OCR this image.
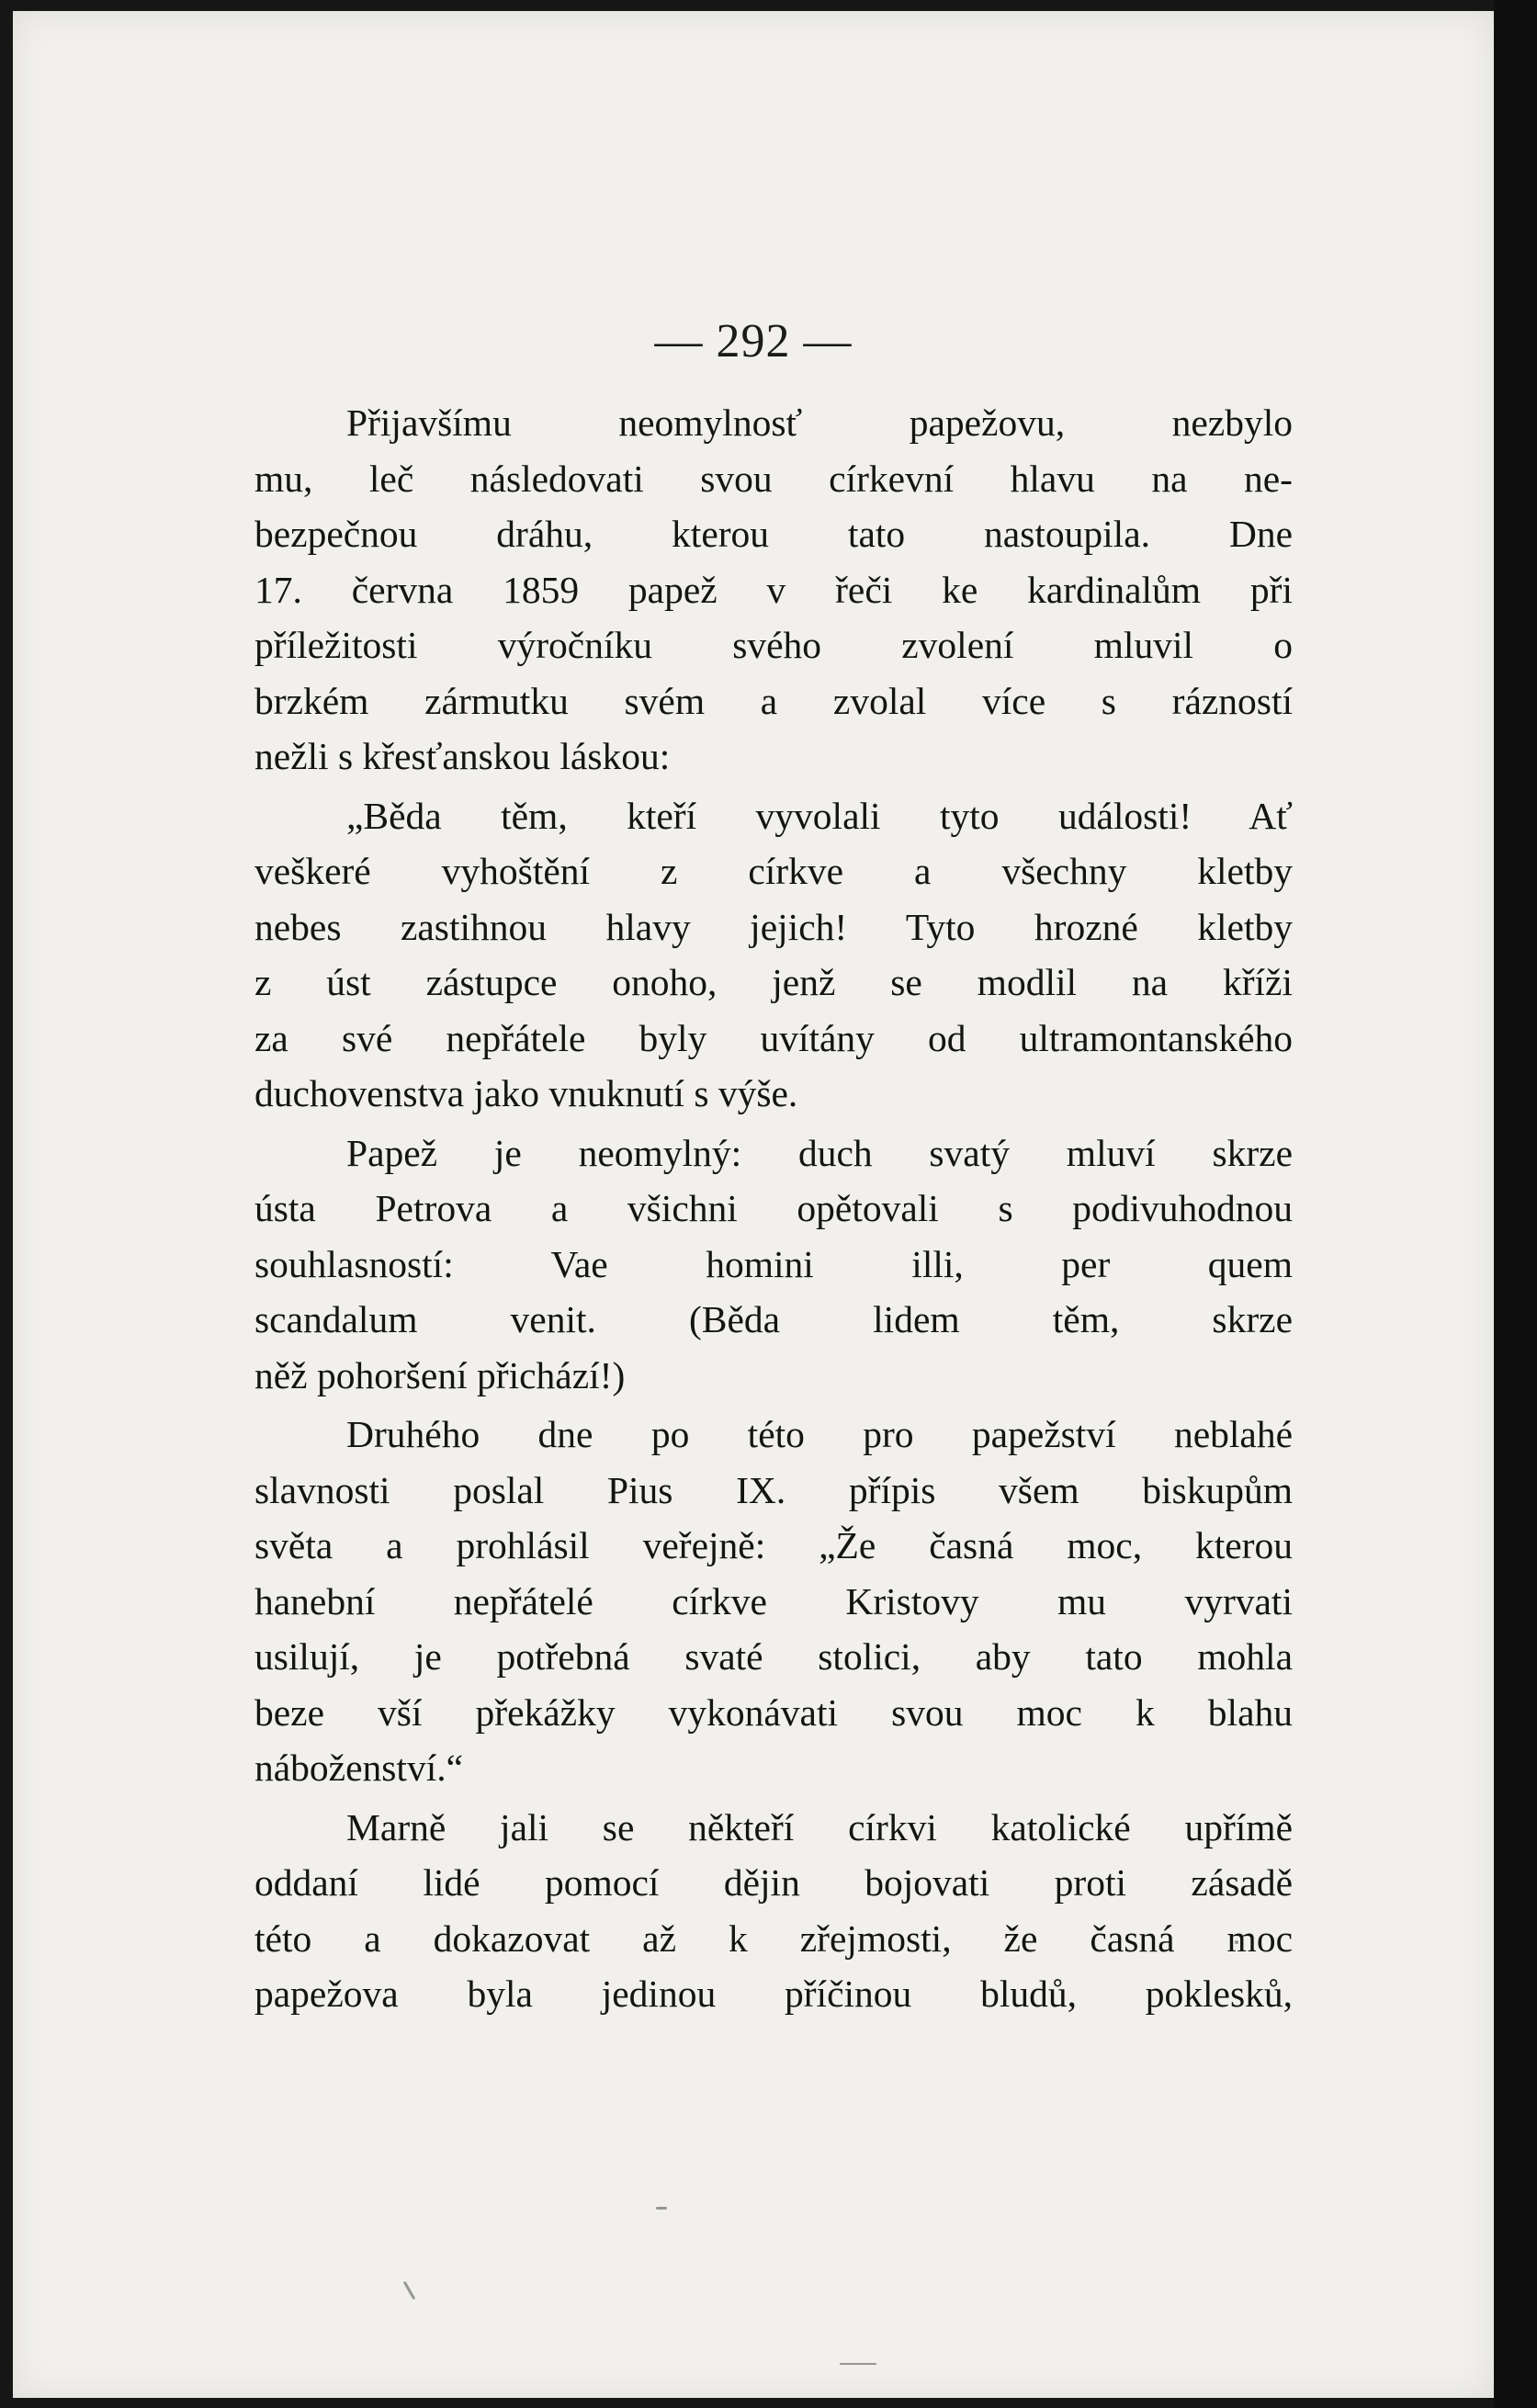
— 292 —
Přijavšímu neomylnosť papežovu, nezbylo
mu, leč následovati svou církevní hlavu na ne-
bezpečnou dráhu, kterou tato nastoupila. Dne
17. června 1859 papež v řeči ke kardinalům při
příležitosti výročníku svého zvolení mluvil o
brzkém zármutku svém a zvolal více s rázností
nežli s křesťanskou láskou:
„Běda těm, kteří vyvolali tyto události! Ať
veškeré vyhoštění z církve a všechny kletby
nebes zastihnou hlavy jejich! Tyto hrozné kletby
z úst zástupce onoho, jenž se modlil na kříži
za své nepřátele byly uvítány od ultramontanského
duchovenstva jako vnuknutí s výše.
Papež je neomylný: duch svatý mluví skrze
ústa Petrova a všichni opětovali s podivuhodnou
souhlasností: Vae homini illi, per quem
scandalum venit. (Běda lidem těm, skrze
něž pohoršení přichází!)
Druhého dne po této pro papežství neblahé
slavnosti poslal Pius IX. přípis všem biskupům
světa a prohlásil veřejně: „Že časná moc, kterou
hanební nepřátelé církve Kristovy mu vyrvati
usilují, je potřebná svaté stolici, aby tato mohla
beze vší překážky vykonávati svou moc k blahu
náboženství.“
Marně jali se někteří církvi katolické upřímě
oddaní lidé pomocí dějin bojovati proti zásadě
této a dokazovat až k zřejmosti, že časná moc
papežova byla jedinou příčinou bludů, poklesků,
